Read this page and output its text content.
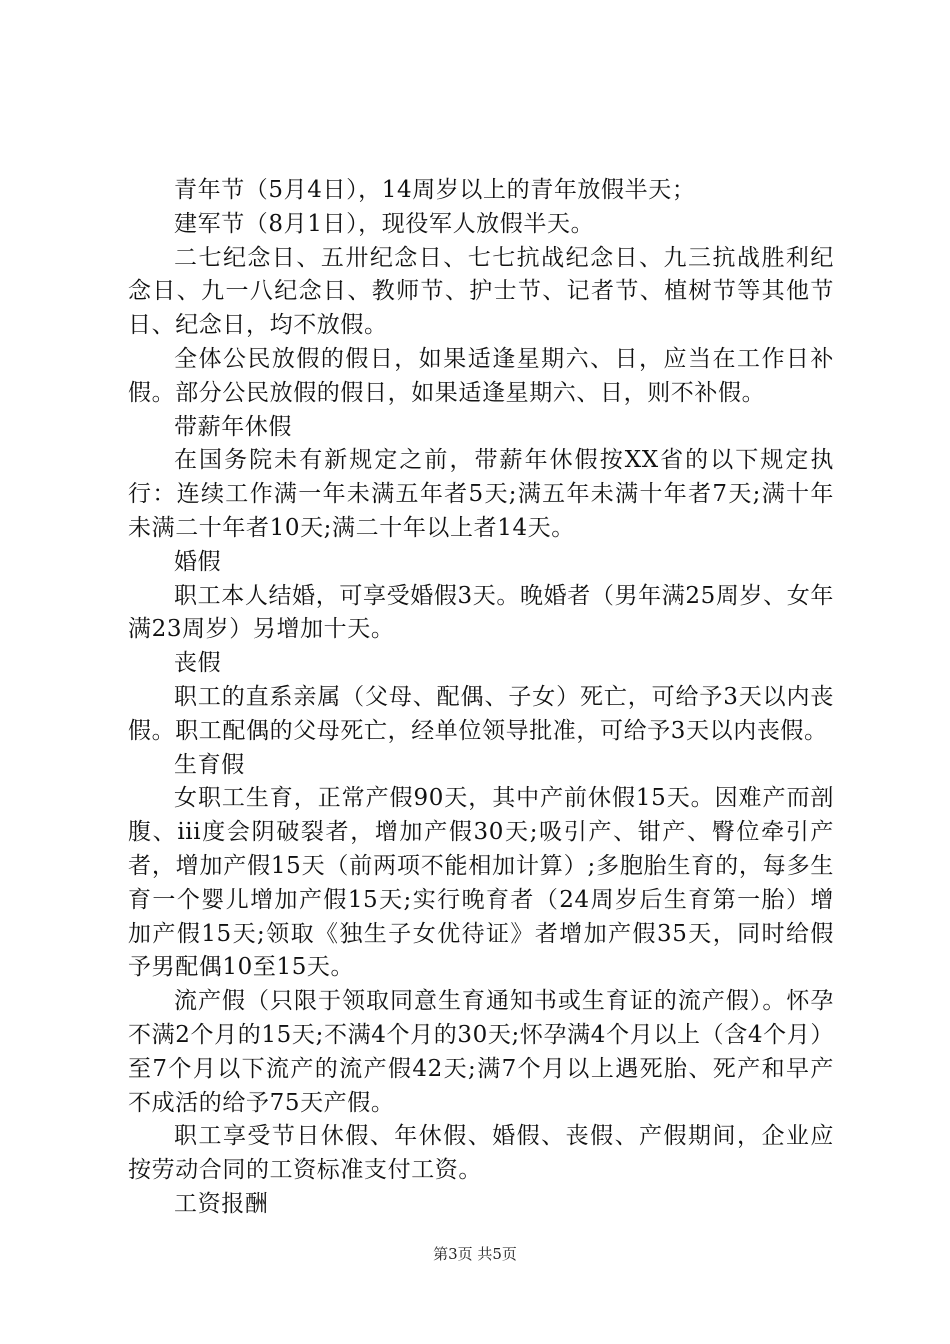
青年节（5月4日），14周岁以上的青年放假半天；

建军节（8月1日），现役军人放假半天。

二七纪念日、五卅纪念日、七七抗战纪念日、九三抗战胜利纪念日、九一八纪念日、教师节、护士节、记者节、植树节等其他节日、纪念日，均不放假。

全体公民放假的假日，如果适逢星期六、日，应当在工作日补假。部分公民放假的假日，如果适逢星期六、日，则不补假。

带薪年休假

在国务院未有新规定之前，带薪年休假按XX省的以下规定执行：连续工作满一年未满五年者5天;满五年未满十年者7天;满十年未满二十年者10天;满二十年以上者14天。

婚假

职工本人结婚，可享受婚假3天。晚婚者（男年满25周岁、女年满23周岁）另增加十天。

丧假

职工的直系亲属（父母、配偶、子女）死亡，可给予3天以内丧假。职工配偶的父母死亡，经单位领导批准，可给予3天以内丧假。

生育假

女职工生育，正常产假90天，其中产前休假15天。因难产而剖腹、iii度会阴破裂者，增加产假30天;吸引产、钳产、臀位牵引产者，增加产假15天（前两项不能相加计算）;多胞胎生育的，每多生育一个婴儿增加产假15天;实行晚育者（24周岁后生育第一胎）增加产假15天;领取《独生子女优待证》者增加产假35天，同时给假予男配偶10至15天。

流产假（只限于领取同意生育通知书或生育证的流产假）。怀孕不满2个月的15天;不满4个月的30天;怀孕满4个月以上（含4个月）至7个月以下流产的流产假42天;满7个月以上遇死胎、死产和早产不成活的给予75天产假。

职工享受节日休假、年休假、婚假、丧假、产假期间，企业应按劳动合同的工资标准支付工资。

工资报酬

第3页 共5页
